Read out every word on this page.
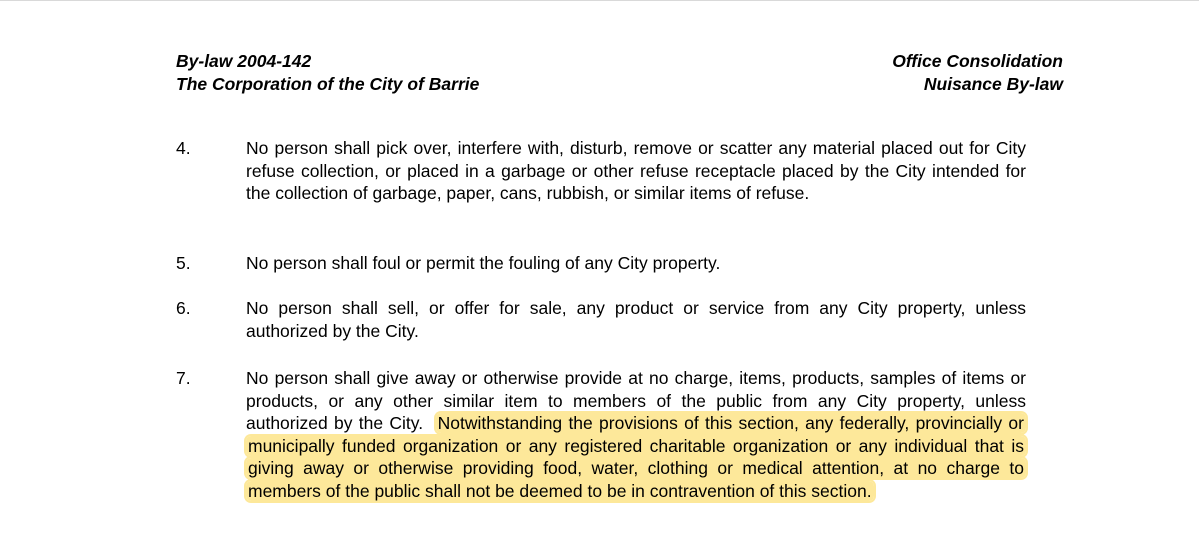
By-law 2004-142
The Corporation of the City of Barrie
Office Consolidation
Nuisance By-law
4.	No person shall pick over, interfere with, disturb, remove or scatter any material placed out for City refuse collection, or placed in a garbage or other refuse receptacle placed by the City intended for the collection of garbage, paper, cans, rubbish, or similar items of refuse.
5.	No person shall foul or permit the fouling of any City property.
6.	No person shall sell, or offer for sale, any product or service from any City property, unless authorized by the City.
7.	No person shall give away or otherwise provide at no charge, items, products, samples of items or products, or any other similar item to members of the public from any City property, unless authorized by the City. Notwithstanding the provisions of this section, any federally, provincially or municipally funded organization or any registered charitable organization or any individual that is giving away or otherwise providing food, water, clothing or medical attention, at no charge to members of the public shall not be deemed to be in contravention of this section.
